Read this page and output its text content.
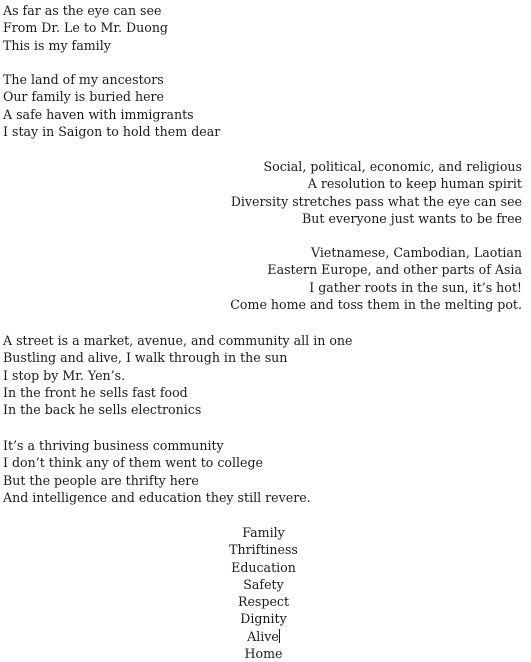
As far as the eye can see
From Dr. Le to Mr. Duong
This is my family
The land of my ancestors
Our family is buried here
A safe haven with immigrants
I stay in Saigon to hold them dear
Social, political, economic, and religious
A resolution to keep human spirit
Diversity stretches pass what the eye can see
But everyone just wants to be free
Vietnamese, Cambodian, Laotian
Eastern Europe, and other parts of Asia
I gather roots in the sun, it’s hot!
Come home and toss them in the melting pot.
A street is a market, avenue, and community all in one
Bustling and alive, I walk through in the sun
I stop by Mr. Yen’s.
In the front he sells fast food
In the back he sells electronics
It’s a thriving business community
I don’t think any of them went to college
But the people are thrifty here
And intelligence and education they still revere.
Family
Thriftiness
Education
Safety
Respect
Dignity
Alive
Home
